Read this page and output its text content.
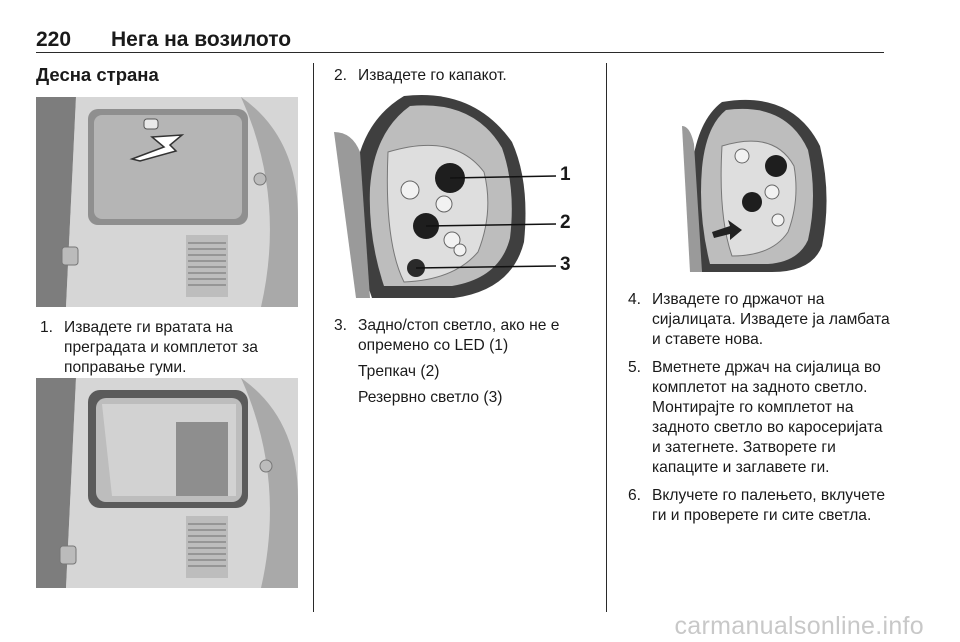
220 Нега на возилото
Десна страна
1. Извадете ги вратата на преградата и комплетот за поправање гуми.
2. Извадете го капакот.
1
2
3
3. Задно/стоп светло, ако не е опремено со LED (1)
Трепкач (2)
Резервно светло (3)
4. Извадете го држачот на сијалицата. Извадете ја ламбата и ставете нова.
5. Вметнете држач на сијалица во комплетот на задното светло. Монтирајте го комплетот на задното светло во каросеријата и затегнете. Затворете ги капаците и заглавете ги.
6. Вклучете го палењето, вклучете ги и проверете ги сите светла.
carmanualsonline.info
